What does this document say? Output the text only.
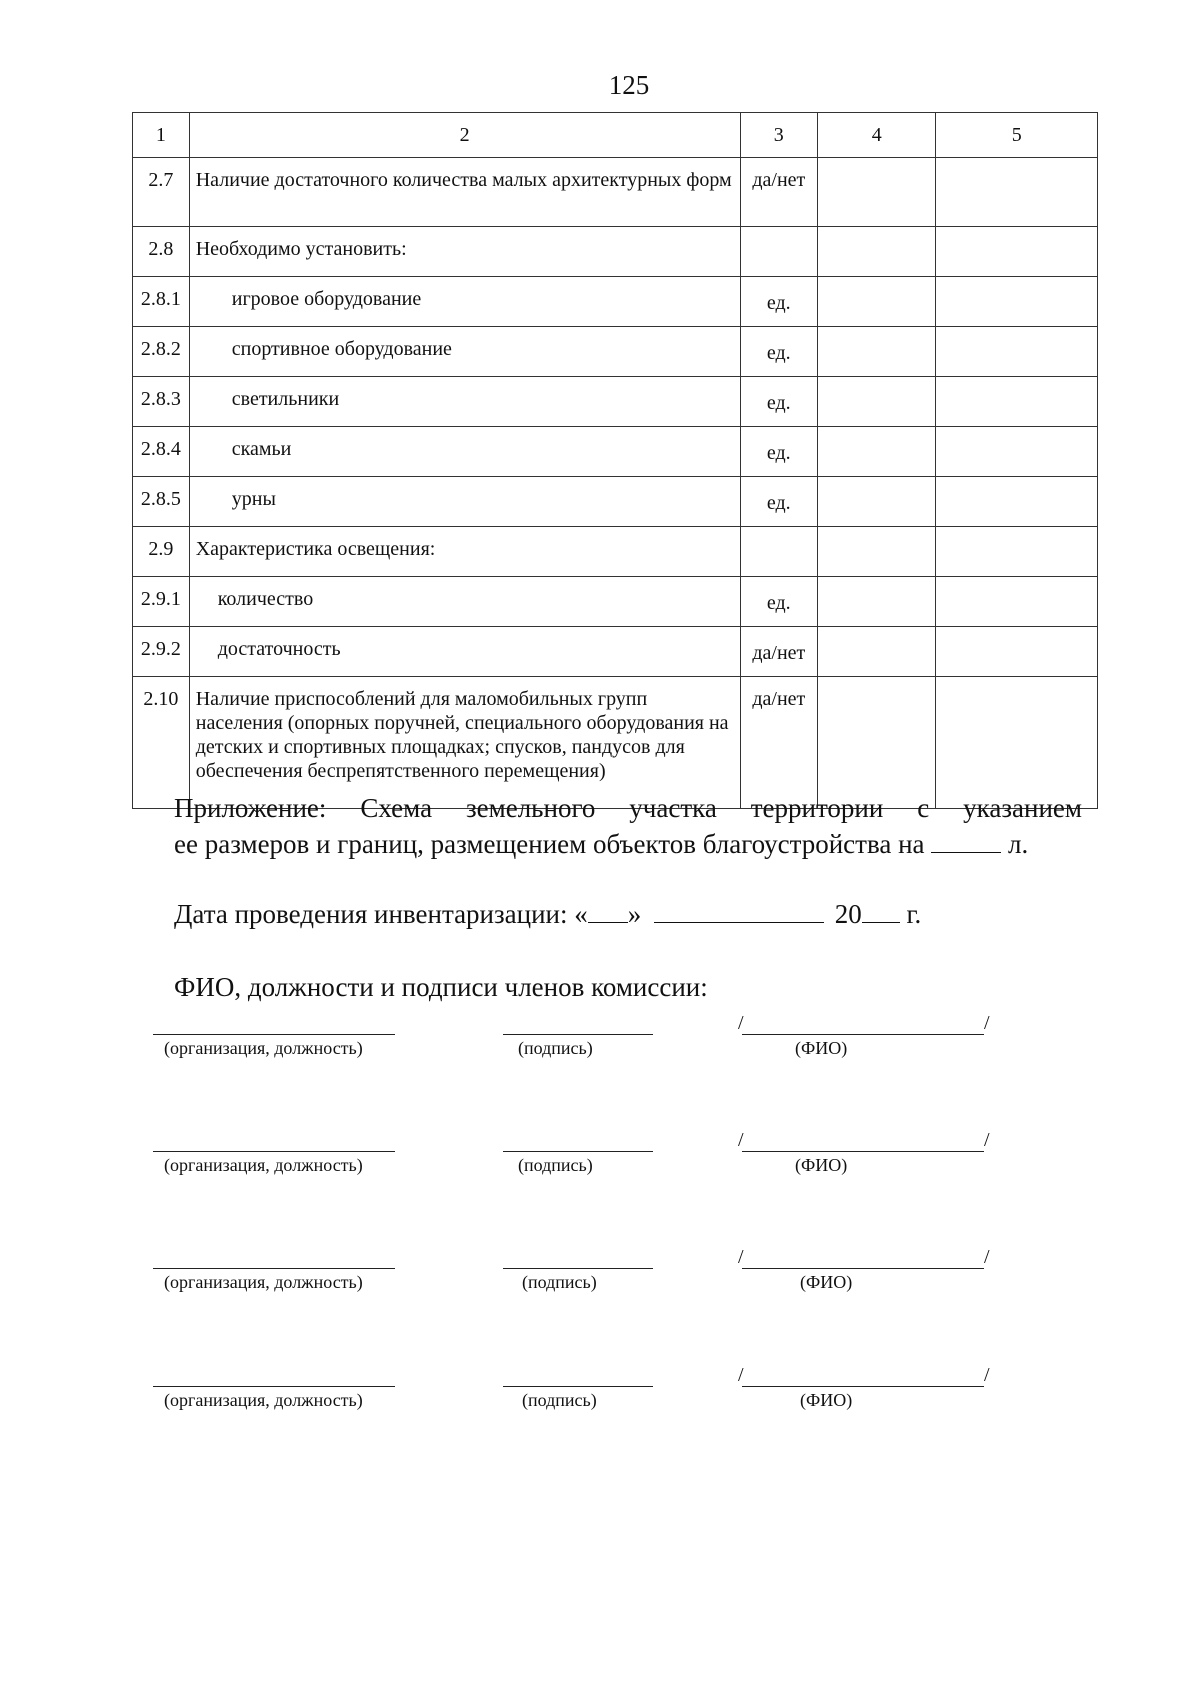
125
1	2	3	4	5
2.7	Наличие достаточного количества малых архитектурных форм	да/нет		
2.8	Необходимо установить:			
2.8.1	игровое оборудование	ед.		
2.8.2	спортивное оборудование	ед.		
2.8.3	светильники	ед.		
2.8.4	скамьи	ед.		
2.8.5	урны	ед.		
2.9	Характеристика освещения:			
2.9.1	количество	ед.		
2.9.2	достаточность	да/нет		
2.10	Наличие приспособлений для маломобильных групп населения (опорных поручней, специального оборудования на детских и спортивных площадках; спусков, пандусов для обеспечения беспрепятственного перемещения)	да/нет		
Приложение: Схема земельного участка территории с указанием
ее размеров и границ, размещением объектов благоустройства на	л.
Дата проведения инвентаризации: « »	20 г.
ФИО, должности и подписи членов комиссии:
(организация, должность)	(подпись)
/	/
(ФИО)
(организация, должность)	(подпись)
/	/
(ФИО)
(организация, должность)	(подпись)
/	/
(ФИО)
(организация, должность)	(подпись)
/	/
(ФИО)
